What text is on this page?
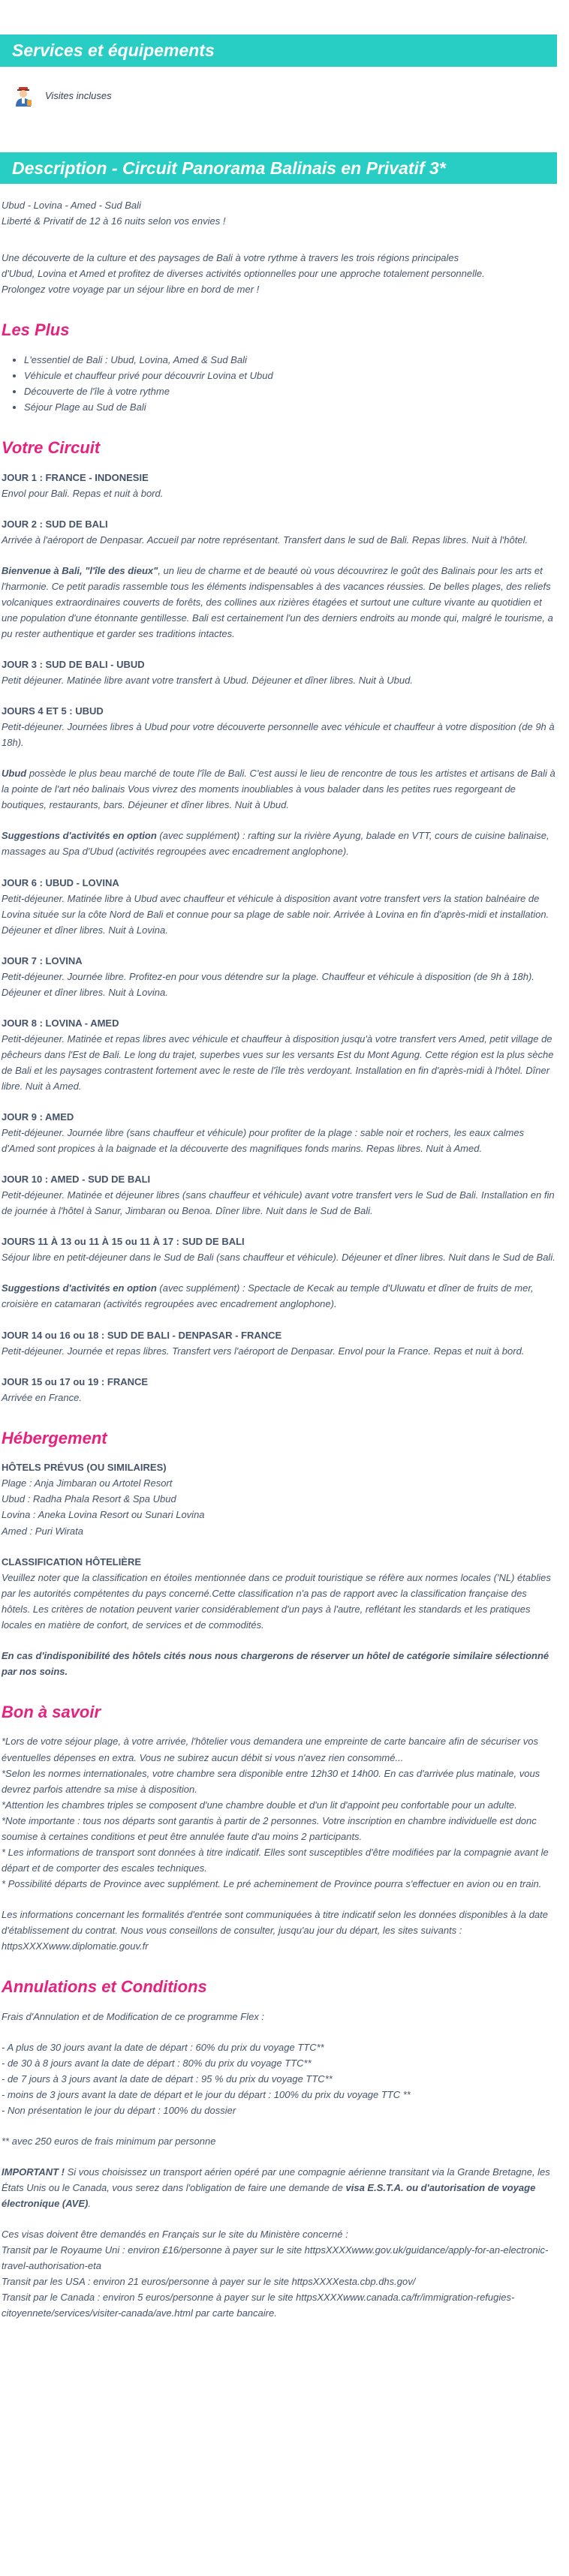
Services et équipements
Visites incluses
Description - Circuit Panorama Balinais en Privatif 3*

Ubud - Lovina - Amed - Sud Bali

Liberté & Privatif de 12 à 16 nuits selon vos envies !

Une découverte de la culture et des paysages de Bali à votre rythme à travers les trois régions principales

d'Ubud, Lovina et Amed et profitez de diverses activités optionnelles pour une approche totalement personnelle.

Prolongez votre voyage par un séjour libre en bord de mer !

Les Plus
• L'essentiel de Bali : Ubud, Lovina, Amed & Sud Bali
• Véhicule et chauffeur privé pour découvrir Lovina et Ubud
• Découverte de l'île à votre rythme
• Séjour Plage au Sud de Bali
Votre Circuit

JOUR 1 : FRANCE - INDONESIE

Envol pour Bali. Repas et nuit à bord.

JOUR 2 : SUD DE BALI

Arrivée à l'aéroport de Denpasar. Accueil par notre représentant. Transfert dans le sud de Bali. Repas libres. Nuit à l'hôtel.

Bienvenue à Bali, "l'île des dieux", un lieu de charme et de beauté où vous découvrirez le goût des Balinais pour les arts et l'harmonie. Ce petit paradis rassemble tous les éléments indispensables à des vacances réussies. De belles plages, des reliefs volcaniques extraordinaires couverts de forêts, des collines aux rizières étagées et surtout une culture vivante au quotidien et une population d'une étonnante gentillesse. Bali est certainement l'un des derniers endroits au monde qui, malgré le tourisme, a pu rester authentique et garder ses traditions intactes.

JOUR 3 : SUD DE BALI - UBUD

Petit déjeuner. Matinée libre avant votre transfert à Ubud. Déjeuner et dîner libres. Nuit à Ubud.

JOURS 4 ET 5 : UBUD

Petit-déjeuner. Journées libres à Ubud pour votre découverte personnelle avec véhicule et chauffeur à votre disposition (de 9h à 18h).

Ubud possède le plus beau marché de toute l'île de Bali. C'est aussi le lieu de rencontre de tous les artistes et artisans de Bali à la pointe de l'art néo balinais Vous vivrez des moments inoubliables à vous balader dans les petites rues regorgeant de boutiques, restaurants, bars. Déjeuner et dîner libres. Nuit à Ubud.

Suggestions d'activités en option (avec supplément) : rafting sur la rivière Ayung, balade en VTT, cours de cuisine balinaise, massages au Spa d'Ubud (activités regroupées avec encadrement anglophone).

JOUR 6 : UBUD - LOVINA

Petit-déjeuner. Matinée libre à Ubud avec chauffeur et véhicule à disposition avant votre transfert vers la station balnéaire de Lovina située sur la côte Nord de Bali et connue pour sa plage de sable noir. Arrivée à Lovina en fin d'après-midi et installation. Déjeuner et dîner libres. Nuit à Lovina.

JOUR 7 : LOVINA

Petit-déjeuner. Journée libre. Profitez-en pour vous détendre sur la plage. Chauffeur et véhicule à disposition (de 9h à 18h). Déjeuner et dîner libres. Nuit à Lovina.

JOUR 8 : LOVINA - AMED

Petit-déjeuner. Matinée et repas libres avec véhicule et chauffeur à disposition jusqu'à votre transfert vers Amed, petit village de pêcheurs dans l'Est de Bali. Le long du trajet, superbes vues sur les versants Est du Mont Agung. Cette région est la plus sèche de Bali et les paysages contrastent fortement avec le reste de l'île très verdoyant. Installation en fin d'après-midi à l'hôtel. Dîner libre. Nuit à Amed.

JOUR 9 : AMED

Petit-déjeuner. Journée libre (sans chauffeur et véhicule) pour profiter de la plage : sable noir et rochers, les eaux calmes d'Amed sont propices à la baignade et la découverte des magnifiques fonds marins. Repas libres. Nuit à Amed.

JOUR 10 : AMED - SUD DE BALI

Petit-déjeuner. Matinée et déjeuner libres (sans chauffeur et véhicule) avant votre transfert vers le Sud de Bali. Installation en fin de journée à l'hôtel à Sanur, Jimbaran ou Benoa. Dîner libre. Nuit dans le Sud de Bali.

JOURS 11 À 13 ou 11 À 15 ou 11 À 17 : SUD DE BALI

Séjour libre en petit-déjeuner dans le Sud de Bali (sans chauffeur et véhicule). Déjeuner et dîner libres. Nuit dans le Sud de Bali.

Suggestions d'activités en option (avec supplément) : Spectacle de Kecak au temple d'Uluwatu et dîner de fruits de mer, croisière en catamaran (activités regroupées avec encadrement anglophone).

JOUR 14 ou 16 ou 18 : SUD DE BALI - DENPASAR - FRANCE

Petit-déjeuner. Journée et repas libres. Transfert vers l'aéroport de Denpasar. Envol pour la France. Repas et nuit à bord.

JOUR 15 ou 17 ou 19 : FRANCE

Arrivée en France.

Hébergement

HÔTELS PRÉVUS (OU SIMILAIRES)

Plage : Anja Jimbaran ou Artotel Resort

Ubud : Radha Phala Resort & Spa Ubud

Lovina : Aneka Lovina Resort ou Sunari Lovina

Amed : Puri Wirata

CLASSIFICATION HÔTELIÈRE

Veuillez noter que la classification en étoiles mentionnée dans ce produit touristique se réfère aux normes locales ('NL) établies par les autorités compétentes du pays concerné.Cette classification n'a pas de rapport avec la classification française des hôtels. Les critères de notation peuvent varier considérablement d'un pays à l'autre, reflétant les standards et les pratiques locales en matière de confort, de services et de commodités.

En cas d'indisponibilité des hôtels cités nous nous chargerons de réserver un hôtel de catégorie similaire sélectionné par nos soins.

Bon à savoir

*Lors de votre séjour plage, à votre arrivée, l'hôtelier vous demandera une empreinte de carte bancaire afin de sécuriser vos éventuelles dépenses en extra. Vous ne subirez aucun débit si vous n'avez rien consommé...

*Selon les normes internationales, votre chambre sera disponible entre 12h30 et 14h00. En cas d'arrivée plus matinale, vous devrez parfois attendre sa mise à disposition.

*Attention les chambres triples se composent d'une chambre double et d'un lit d'appoint peu confortable pour un adulte.

*Note importante : tous nos départs sont garantis à partir de 2 personnes. Votre inscription en chambre individuelle est donc soumise à certaines conditions et peut être annulée faute d'au moins 2 participants.

* Les informations de transport sont données à titre indicatif. Elles sont susceptibles d'être modifiées par la compagnie avant le départ et de comporter des escales techniques.

* Possibilité départs de Province avec supplément. Le pré acheminement de Province pourra s'effectuer en avion ou en train.

Les informations concernant les formalités d'entrée sont communiquées à titre indicatif selon les données disponibles à la date d'établissement du contrat. Nous vous conseillons de consulter, jusqu'au jour du départ, les sites suivants : httpsXXXXwww.diplomatie.gouv.fr

Annulations et Conditions

Frais d'Annulation et de Modification de ce programme Flex :

- A plus de 30 jours avant la date de départ : 60% du prix du voyage TTC**

- de 30 à 8 jours avant la date de départ : 80% du prix du voyage TTC**

- de 7 jours à 3 jours avant la date de départ : 95 % du prix du voyage TTC**

- moins de 3 jours avant la date de départ et le jour du départ : 100% du prix du voyage TTC **

- Non présentation le jour du départ : 100% du dossier

** avec 250 euros de frais minimum par personne

IMPORTANT ! Si vous choisissez un transport aérien opéré par une compagnie aérienne transitant via la Grande Bretagne, les États Unis ou le Canada, vous serez dans l'obligation de faire une demande de visa E.S.T.A. ou d'autorisation de voyage électronique (AVE).

Ces visas doivent être demandés en Français sur le site du Ministère concerné :

Transit par le Royaume Uni : environ £16/personne à payer sur le site httpsXXXXwww.gov.uk/guidance/apply-for-an-electronic-travel-authorisation-eta

Transit par les USA : environ 21 euros/personne à payer sur le site httpsXXXXesta.cbp.dhs.gov/

Transit par le Canada : environ 5 euros/personne à payer sur le site httpsXXXXwww.canada.ca/fr/immigration-refugies-citoyennete/services/visiter-canada/ave.html par carte bancaire.
